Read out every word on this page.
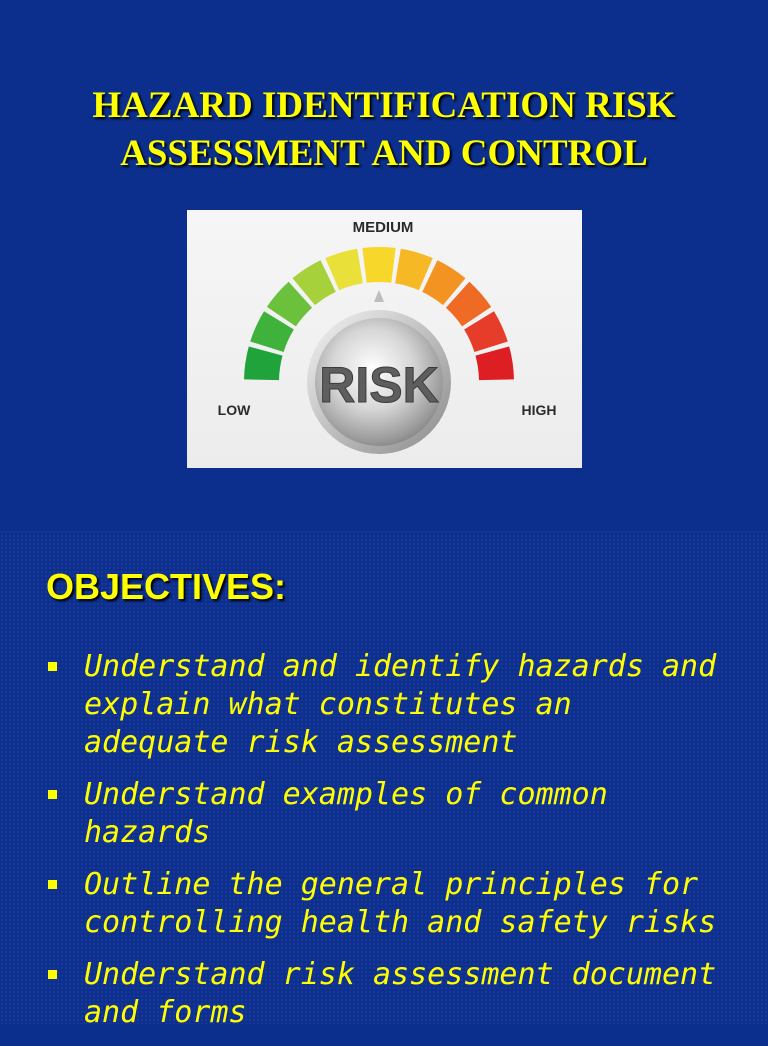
HAZARD IDENTIFICATION RISK
ASSESSMENT AND CONTROL
RISK
MEDIUM
LOW	HIGH
OBJECTIVES:
Understand and identify hazards and explain what constitutes an adequate risk assessment
Understand examples of common hazards
Outline the general principles for controlling health and safety risks
Understand risk assessment document and forms
